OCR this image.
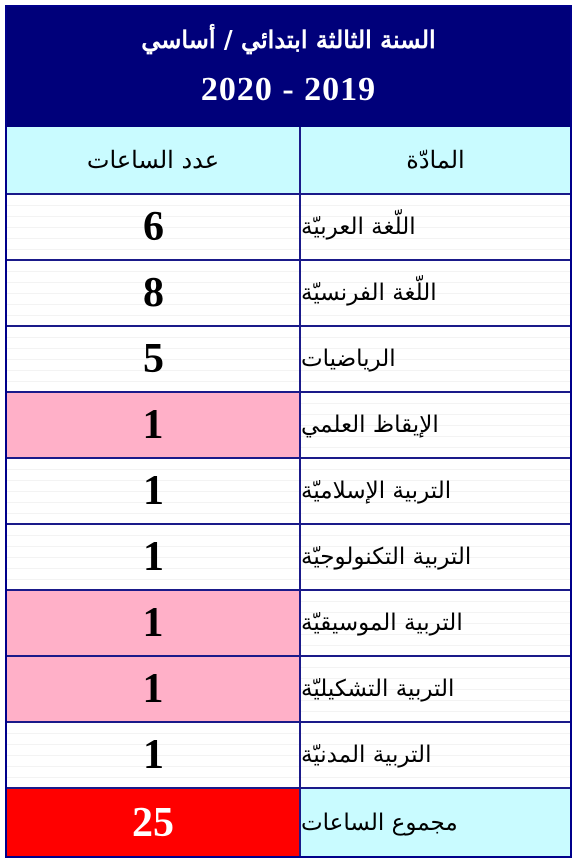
السنة الثالثة ابتدائي / أساسي
2020 - 2019
عدد الساعات	المادّة
6	اللّغة العربيّة
8	اللّغة الفرنسيّة
5	الرياضيات
1	الإيقاظ العلمي
1	التربية الإسلاميّة
1	التربية التكنولوجيّة
1	التربية الموسيقيّة
1	التربية التشكيليّة
1	التربية المدنيّة
25	مجموع الساعات
